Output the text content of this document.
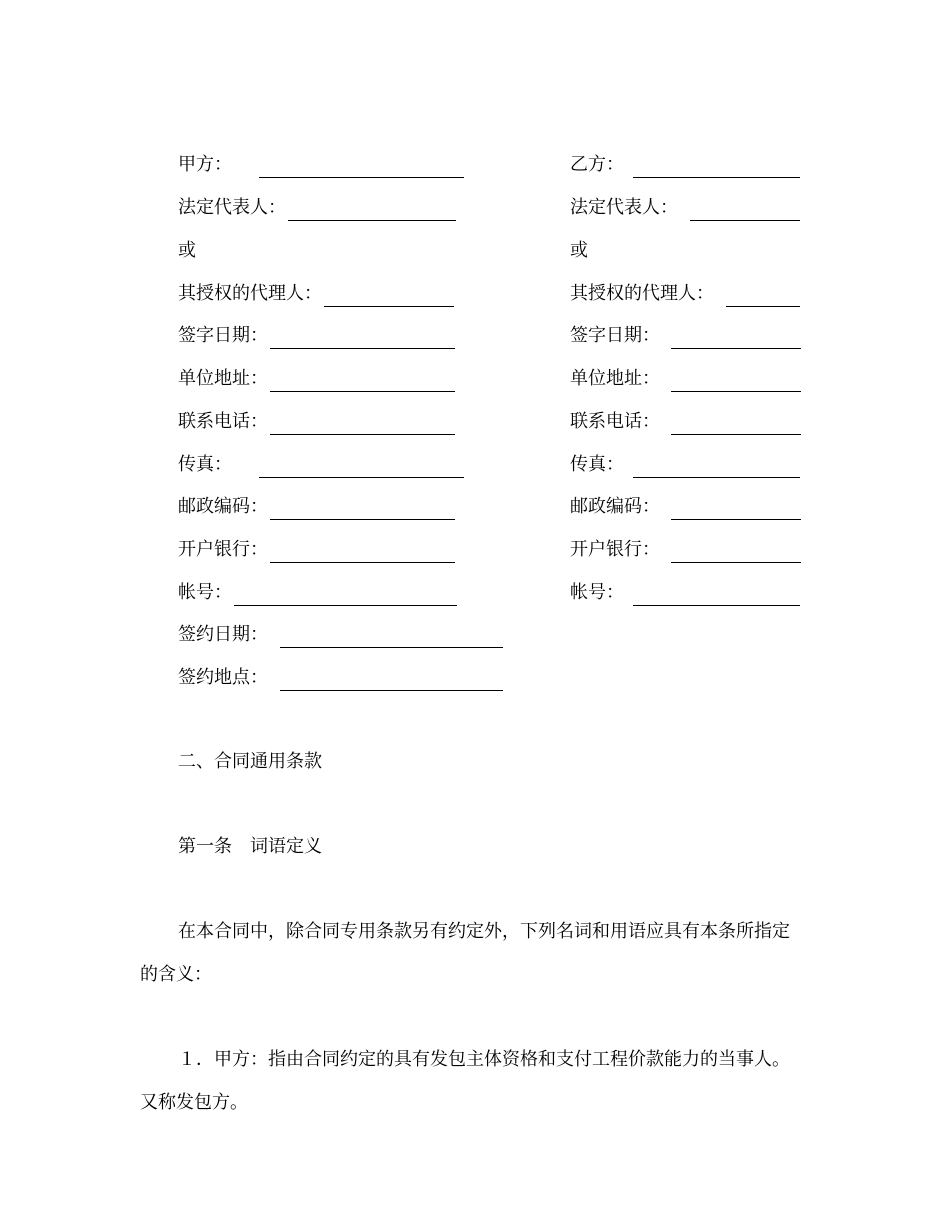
甲方：
法定代表人：
或
其授权的代理人：
签字日期：
单位地址：
联系电话：
传真：
邮政编码：
开户银行：
帐号：
乙方：
法定代表人：
或
其授权的代理人：
签字日期：
单位地址：
联系电话：
传真：
邮政编码：
开户银行：
帐号：
签约日期：
签约地点：
二、合同通用条款
第一条　词语定义
在本合同中，除合同专用条款另有约定外，下列名词和用语应具有本条所指定
的含义：
１．甲方：指由合同约定的具有发包主体资格和支付工程价款能力的当事人。
又称发包方。
